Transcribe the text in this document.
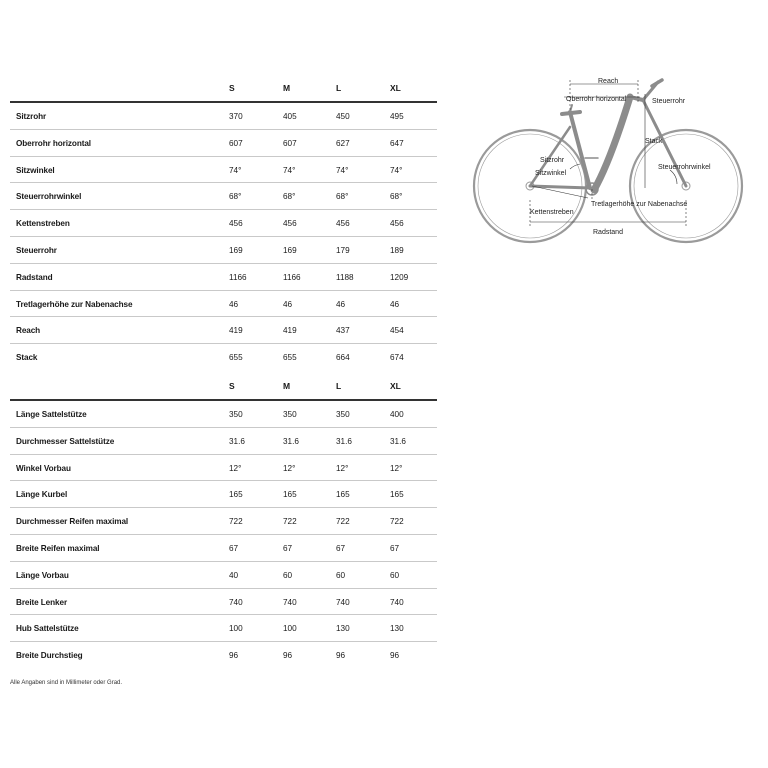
S	M	L	XL
Sitzrohr	370	405	450	495
Oberrohr horizontal	607	607	627	647
Sitzwinkel	74°	74°	74°	74°
Steuerrohrwinkel	68°	68°	68°	68°
Kettenstreben	456	456	456	456
Steuerrohr	169	169	179	189
Radstand	1166	1166	1188	1209
Tretlagerhöhe zur Nabenachse	46	46	46	46
Reach	419	419	437	454
Stack	655	655	664	674
S	M	L	XL
Länge Sattelstütze	350	350	350	400
Durchmesser Sattelstütze	31.6	31.6	31.6	31.6
Winkel Vorbau	12°	12°	12°	12°
Länge Kurbel	165	165	165	165
Durchmesser Reifen maximal	722	722	722	722
Breite Reifen maximal	67	67	67	67
Länge Vorbau	40	60	60	60
Breite Lenker	740	740	740	740
Hub Sattelstütze	100	100	130	130
Breite Durchstieg	96	96	96	96
Alle Angaben sind in Millimeter oder Grad.
Reach
Oberrohr horizontal	Steuerrohr
Stack
Sitzrohr
Sitzwinkel
Steuerrohrwinkel
Kettenstreben
Tretlagerhöhe zur Nabenachse
Radstand
